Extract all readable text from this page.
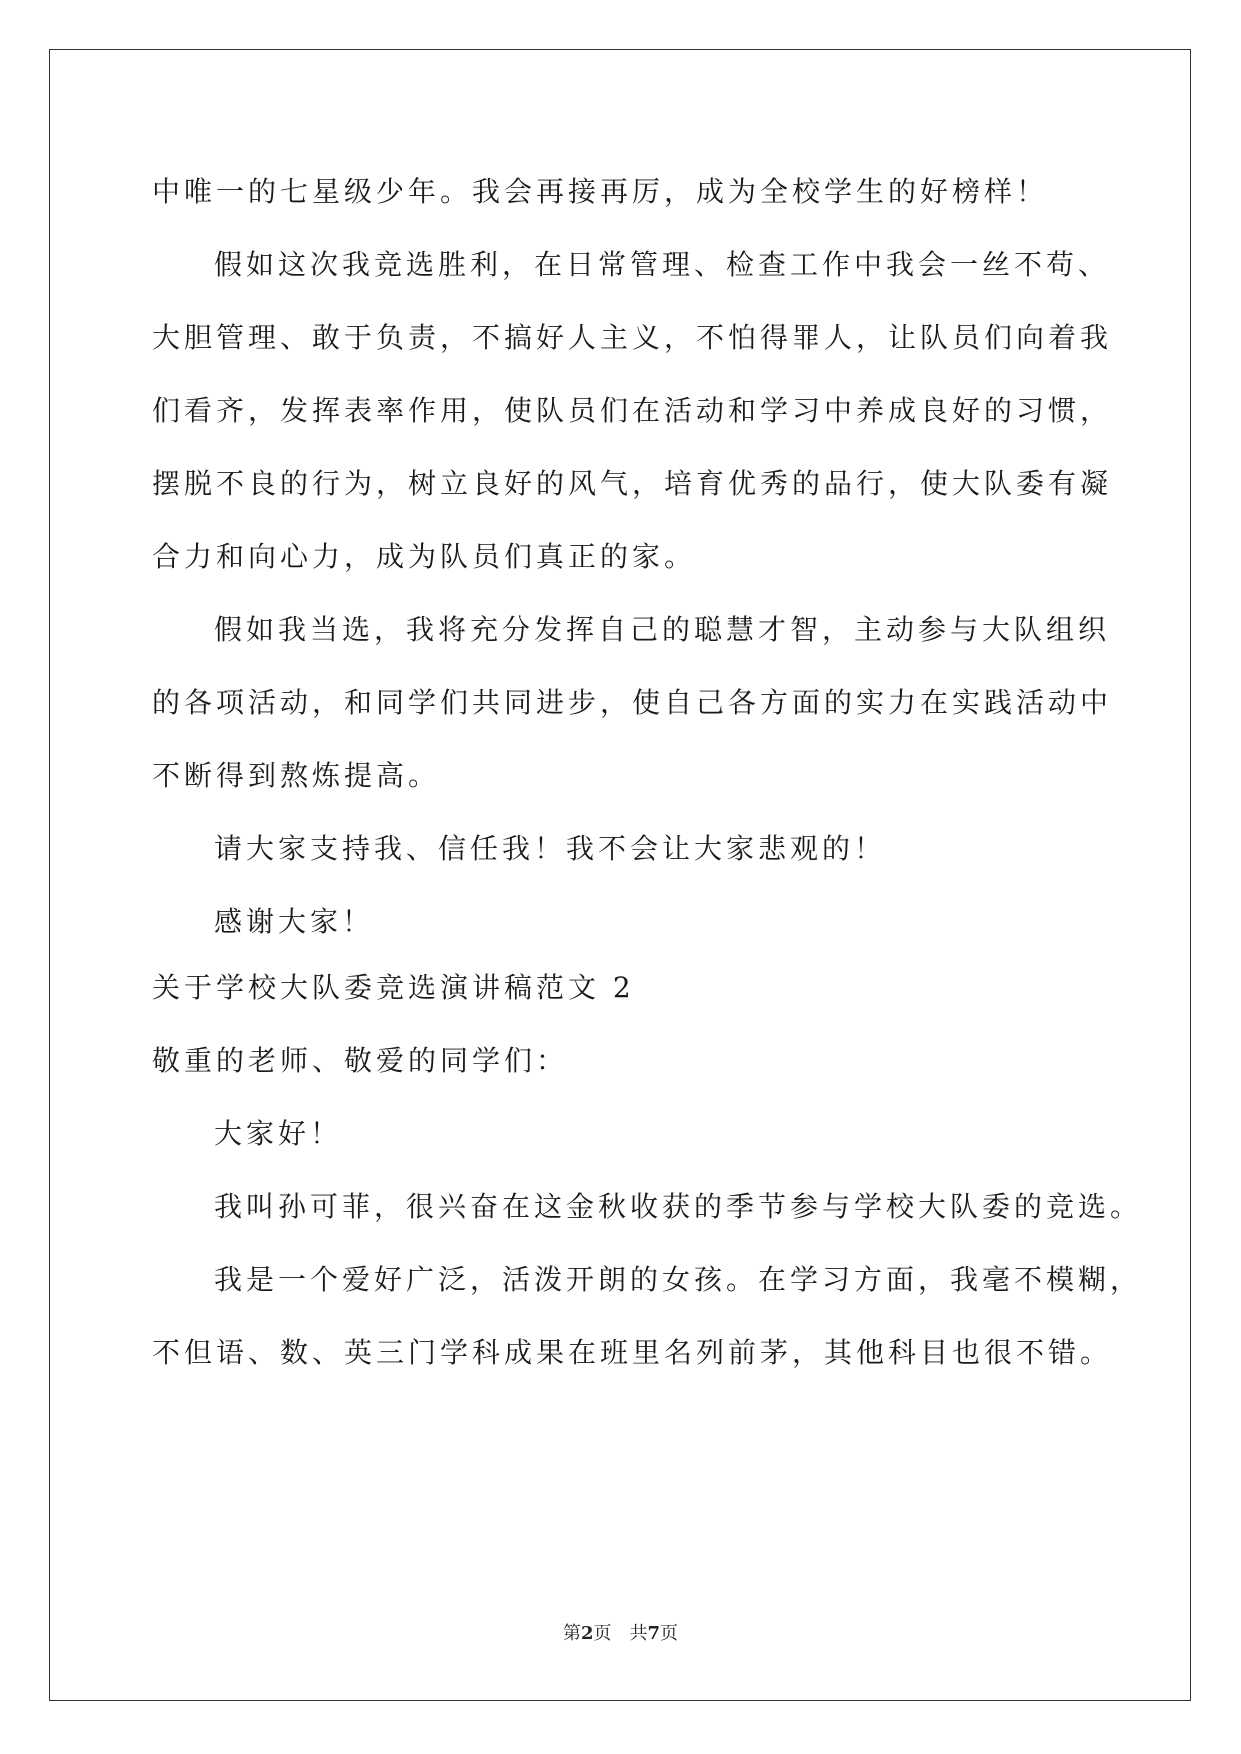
中唯一的七星级少年。我会再接再厉，成为全校学生的好榜样！
假如这次我竞选胜利，在日常管理、检查工作中我会一丝不苟、
大胆管理、敢于负责，不搞好人主义，不怕得罪人，让队员们向着我
们看齐，发挥表率作用，使队员们在活动和学习中养成良好的习惯，
摆脱不良的行为，树立良好的风气，培育优秀的品行，使大队委有凝
合力和向心力，成为队员们真正的家。
假如我当选，我将充分发挥自己的聪慧才智，主动参与大队组织
的各项活动，和同学们共同进步，使自己各方面的实力在实践活动中
不断得到熬炼提高。
请大家支持我、信任我！我不会让大家悲观的！
感谢大家！
关于学校大队委竞选演讲稿范文 2
敬重的老师、敬爱的同学们：
大家好！
我叫孙可菲，很兴奋在这金秋收获的季节参与学校大队委的竞选。
我是一个爱好广泛，活泼开朗的女孩。在学习方面，我毫不模糊，
不但语、数、英三门学科成果在班里名列前茅，其他科目也很不错。
第2页 共7页
